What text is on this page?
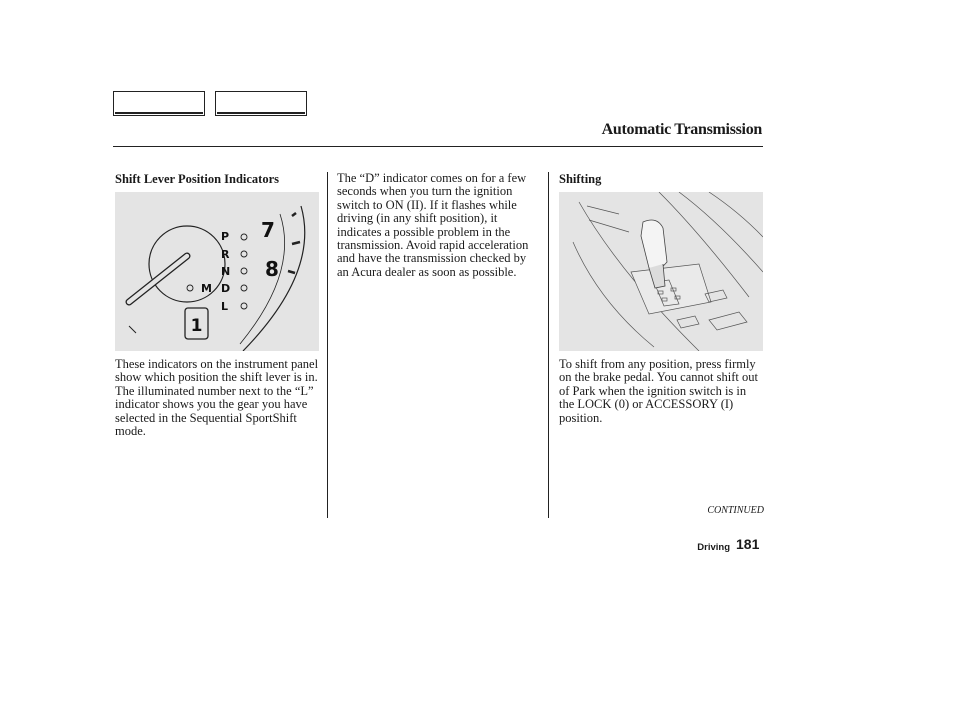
Automatic Transmission
Shift Lever Position Indicators
7
8
P
R
N
D
M
L
1

These indicators on the instrument panel show which position the shift lever is in. The illuminated number next to the “L” indicator shows you the gear you have selected in the Sequential SportShift mode.

The “D” indicator comes on for a few seconds when you turn the ignition switch to ON (II). If it flashes while driving (in any shift position), it indicates a possible problem in the transmission. Avoid rapid acceleration and have the transmission checked by an Acura dealer as soon as possible.

Shifting

To shift from any position, press firmly on the brake pedal. You cannot shift out of Park when the ignition switch is in the LOCK (0) or ACCESSORY (I) position.

CONTINUED
Driving 181
